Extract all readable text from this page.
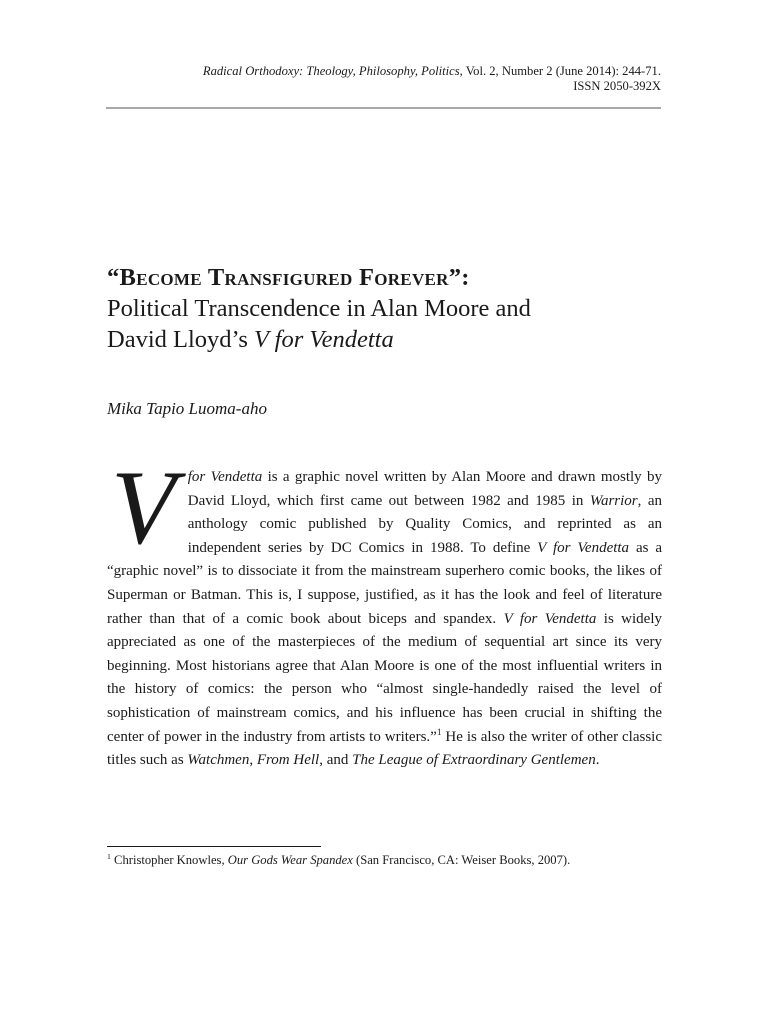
Radical Orthodoxy: Theology, Philosophy, Politics, Vol. 2, Number 2 (June 2014): 244-71.
ISSN 2050-392X
“Become Transfigured Forever”:
Political Transcendence in Alan Moore and
David Lloyd’s V for Vendetta
Mika Tapio Luoma-aho

Vfor Vendetta is a graphic novel written by Alan Moore and drawn mostly by David Lloyd, which first came out between 1982 and 1985 in Warrior, an anthology comic published by Quality Comics, and reprinted as an independent series by DC Comics in 1988. To define V for Vendetta as a “graphic novel” is to dissociate it from the mainstream superhero comic books, the likes of Superman or Batman. This is, I suppose, justified, as it has the look and feel of literature rather than that of a comic book about biceps and spandex. V for Vendetta is widely appreciated as one of the masterpieces of the medium of sequential art since its very beginning. Most historians agree that Alan Moore is one of the most influential writers in the history of comics: the person who “almost single-handedly raised the level of sophistication of mainstream comics, and his influence has been crucial in shifting the center of power in the industry from artists to writers.”$^1$ He is also the writer of other classic titles such as Watchmen, From Hell, and The League of Extraordinary Gentlemen.

$^1$ Christopher Knowles, Our Gods Wear Spandex (San Francisco, CA: Weiser Books, 2007).
